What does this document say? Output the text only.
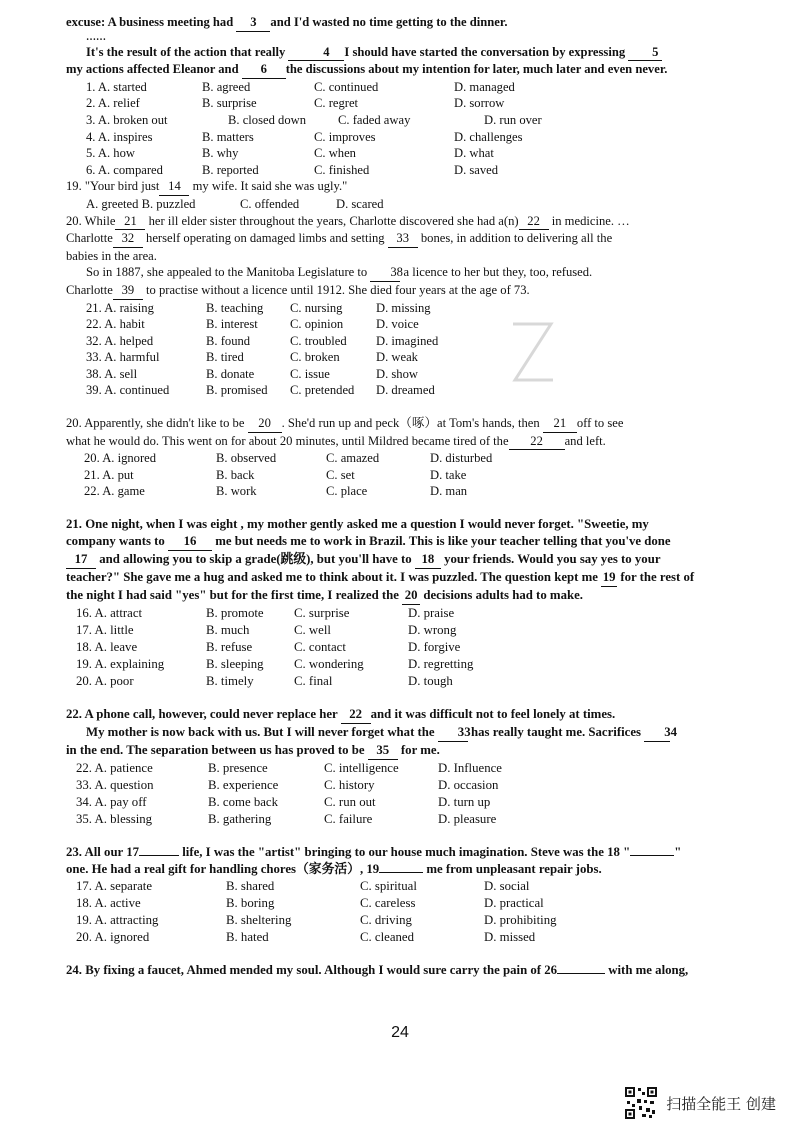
excuse: A business meeting had 3 and I'd wasted no time getting to the dinner.

……

It's the result of the action that really	4 I should have started the conversation by expressing 5

my actions affected Eleanor and 6 the discussions about my intention for later, much later and even never.

1. A. started	B. agreed	C. continued	D. managed
2. A. relief	B. surprise	C. regret	D. sorrow
3. A. broken out	B. closed down	C. faded away	D. run over
4. A. inspires	B. matters	C. improves	D. challenges
5. A. how	B. why	C. when	D. what
6. A. compared	B. reported	C. finished	D. saved

19. "Your bird just 14 my wife. It said she was ugly."

A. greeted B. puzzled	C. offended	D. scared

20. While 21 her ill elder sister throughout the years, Charlotte discovered she had a(n) 22 in medicine. …

Charlotte 32 herself operating on damaged limbs and setting 33 bones, in addition to delivering all the

babies in the area.

So in 1887, she appealed to the Manitoba Legislature to 38 a licence to her but they, too, refused.

Charlotte 39 to practise without a licence until 1912. She died four years at the age of 73.

21. A. raising	B. teaching	C. nursing	D. missing
22. A. habit	B. interest	C. opinion	D. voice
32. A. helped	B. found	C. troubled	D. imagined
33. A. harmful	B. tired	C. broken	D. weak
38. A. sell	B. donate	C. issue	D. show
39. A. continued	B. promised	C. pretended	D. dreamed

20. Apparently, she didn't like to be 20 . She'd run up and peck（啄）at Tom's hands, then 21 off to see

what he would do. This went on for about 20 minutes, until Mildred became tired of the 22 and left.

20. A. ignored	B. observed	C. amazed	D. disturbed
21. A. put	B. back	C. set	D. take
22. A. game	B. work	C. place	D. man

21. One night, when I was eight , my mother gently asked me a question I would never forget. "Sweetie, my

company wants to 16 me but needs me to work in Brazil. This is like your teacher telling that you've done

17 and allowing you to skip a grade(跳级), but you'll have to 18 your friends. Would you say yes to your

teacher?" She gave me a hug and asked me to think about it. I was puzzled. The question kept me 19 for the rest of

the night I had said "yes" but for the first time, I realized the 20 decisions adults had to make.

16. A. attract	B. promote	C. surprise	D. praise
17. A. little	B. much	C. well	D. wrong
18. A. leave	B. refuse	C. contact	D. forgive
19. A. explaining	B. sleeping	C. wondering	D. regretting
20. A. poor	B. timely	C. final	D. tough

22. A phone call, however, could never replace her 22 and it was difficult not to feel lonely at times.

My mother is now back with us. But I will never forget what the 33 has really taught me. Sacrifices 34

in the end. The separation between us has proved to be 35 for me.

22. A. patience	B. presence	C. intelligence	D. Influence
33. A. question	B. experience	C. history	D. occasion
34. A. pay off	B. come back	C. run out	D. turn up
35. A. blessing	B. gathering	C. failure	D. pleasure

23. All our 17	life, I was the "artist" bringing to our house much imagination. Steve was the 18 "	"

one. He had a real gift for handling chores（家务活）, 19	me from unpleasant repair jobs.

17. A. separate	B. shared	C. spiritual	D. social
18. A. active	B. boring	C. careless	D. practical
19. A. attracting	B. sheltering	C. driving	D. prohibiting
20. A. ignored	B. hated	C. cleaned	D. missed

24. By fixing a faucet, Ahmed mended my soul. Although I would sure carry the pain of 26	with me along,

24
扫描全能王 创建
